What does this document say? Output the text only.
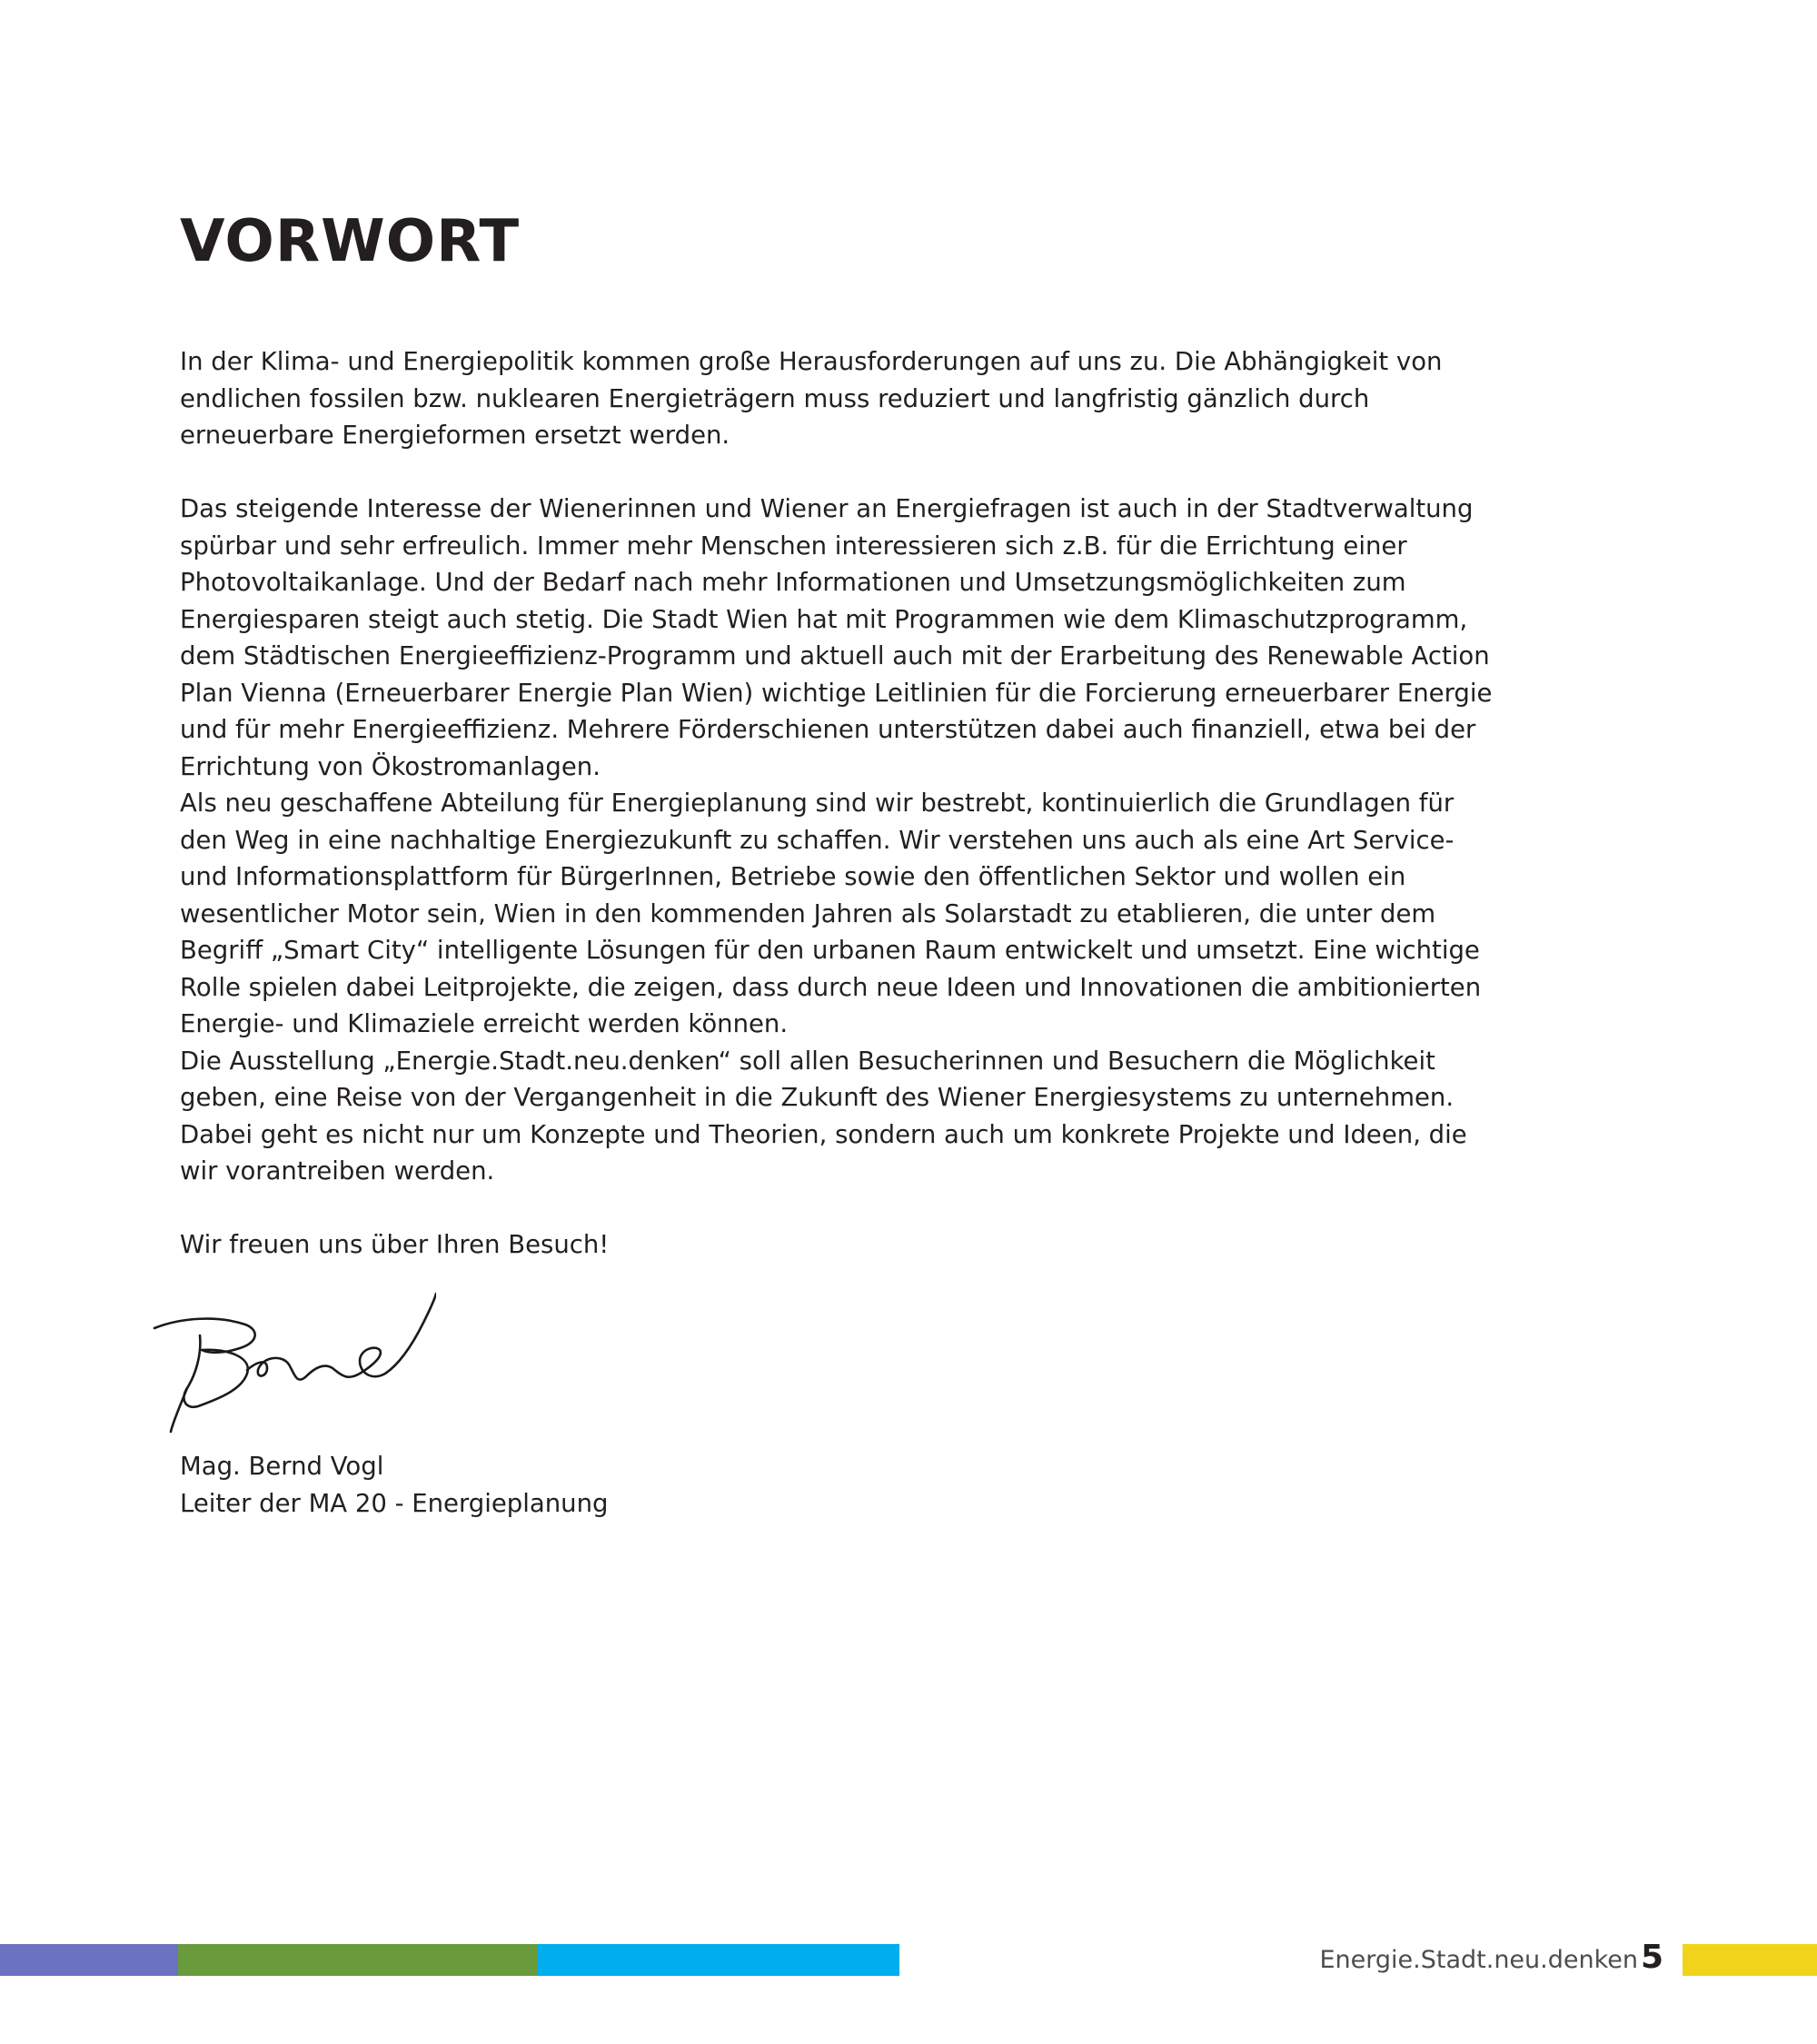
VORWORT

In der Klima- und Energiepolitik kommen große Herausforderungen auf uns zu. Die Abhängigkeit von endlichen fossilen bzw. nuklearen Energieträgern muss reduziert und langfristig gänzlich durch erneuerbare Energieformen ersetzt werden.

Das steigende Interesse der Wienerinnen und Wiener an Energiefragen ist auch in der Stadtverwaltung spürbar und sehr erfreulich. Immer mehr Menschen interessieren sich z.B. für die Errichtung einer Photovoltaikanlage. Und der Bedarf nach mehr Informationen und Umsetzungsmöglichkeiten zum Energiesparen steigt auch stetig. Die Stadt Wien hat mit Programmen wie dem Klimaschutzprogramm, dem Städtischen Energieeffizienz-Programm und aktuell auch mit der Erarbeitung des Renewable Action Plan Vienna (Erneuerbarer Energie Plan Wien) wichtige Leitlinien für die Forcierung erneuerbarer Energie und für mehr Energieeffizienz. Mehrere Förderschienen unterstützen dabei auch finanziell, etwa bei der Errichtung von Ökostromanlagen.

Als neu geschaffene Abteilung für Energieplanung sind wir bestrebt, kontinuierlich die Grundlagen für den Weg in eine nachhaltige Energiezukunft zu schaffen. Wir verstehen uns auch als eine Art Service- und Informationsplattform für BürgerInnen, Betriebe sowie den öffentlichen Sektor und wollen ein wesentlicher Motor sein, Wien in den kommenden Jahren als Solarstadt zu etablieren, die unter dem Begriff „Smart City“ intelligente Lösungen für den urbanen Raum entwickelt und umsetzt. Eine wichtige Rolle spielen dabei Leitprojekte, die zeigen, dass durch neue Ideen und Innovationen die ambitionierten Energie- und Klimaziele erreicht werden können.

Die Ausstellung „Energie.Stadt.neu.denken“ soll allen Besucherinnen und Besuchern die Möglichkeit geben, eine Reise von der Vergangenheit in die Zukunft des Wiener Energiesystems zu unternehmen. Dabei geht es nicht nur um Konzepte und Theorien, sondern auch um konkrete Projekte und Ideen, die wir vorantreiben werden.

Wir freuen uns über Ihren Besuch!

Mag. Bernd Vogl
Leiter der MA 20 - Energieplanung
Energie.Stadt.neu.denken 5
